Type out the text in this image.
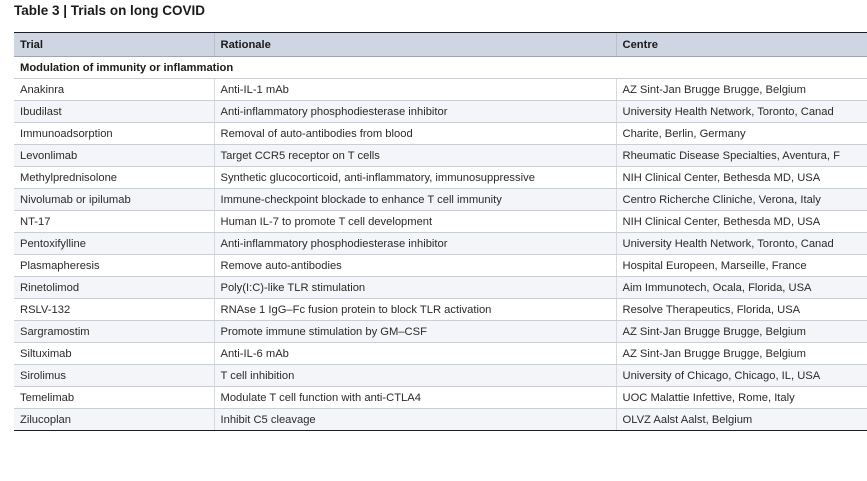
Table 3 | Trials on long COVID
Trial	Rationale	Centre
Modulation of immunity or inflammation		
Anakinra	Anti-IL-1 mAb	AZ Sint-Jan Brugge Brugge, Belgium
Ibudilast	Anti-inflammatory phosphodiesterase inhibitor	University Health Network, Toronto, Canad
Immunoadsorption	Removal of auto-antibodies from blood	Charite, Berlin, Germany
Levonlimab	Target CCR5 receptor on T cells	Rheumatic Disease Specialties, Aventura, F
Methylprednisolone	Synthetic glucocorticoid, anti-inflammatory, immunosuppressive	NIH Clinical Center, Bethesda MD, USA
Nivolumab or ipilumab	Immune-checkpoint blockade to enhance T cell immunity	Centro Richerche Cliniche, Verona, Italy
NT-17	Human IL-7 to promote T cell development	NIH Clinical Center, Bethesda MD, USA
Pentoxifylline	Anti-inflammatory phosphodiesterase inhibitor	University Health Network, Toronto, Canad
Plasmapheresis	Remove auto-antibodies	Hospital Europeen, Marseille, France
Rinetolimod	Poly(I:C)-like TLR stimulation	Aim Immunotech, Ocala, Florida, USA
RSLV-132	RNAse 1 IgG–Fc fusion protein to block TLR activation	Resolve Therapeutics, Florida, USA
Sargramostim	Promote immune stimulation by GM–CSF	AZ Sint-Jan Brugge Brugge, Belgium
Siltuximab	Anti-IL-6 mAb	AZ Sint-Jan Brugge Brugge, Belgium
Sirolimus	T cell inhibition	University of Chicago, Chicago, IL, USA
Temelimab	Modulate T cell function with anti-CTLA4	UOC Malattie Infettive, Rome, Italy
Zilucoplan	Inhibit C5 cleavage	OLVZ Aalst Aalst, Belgium
